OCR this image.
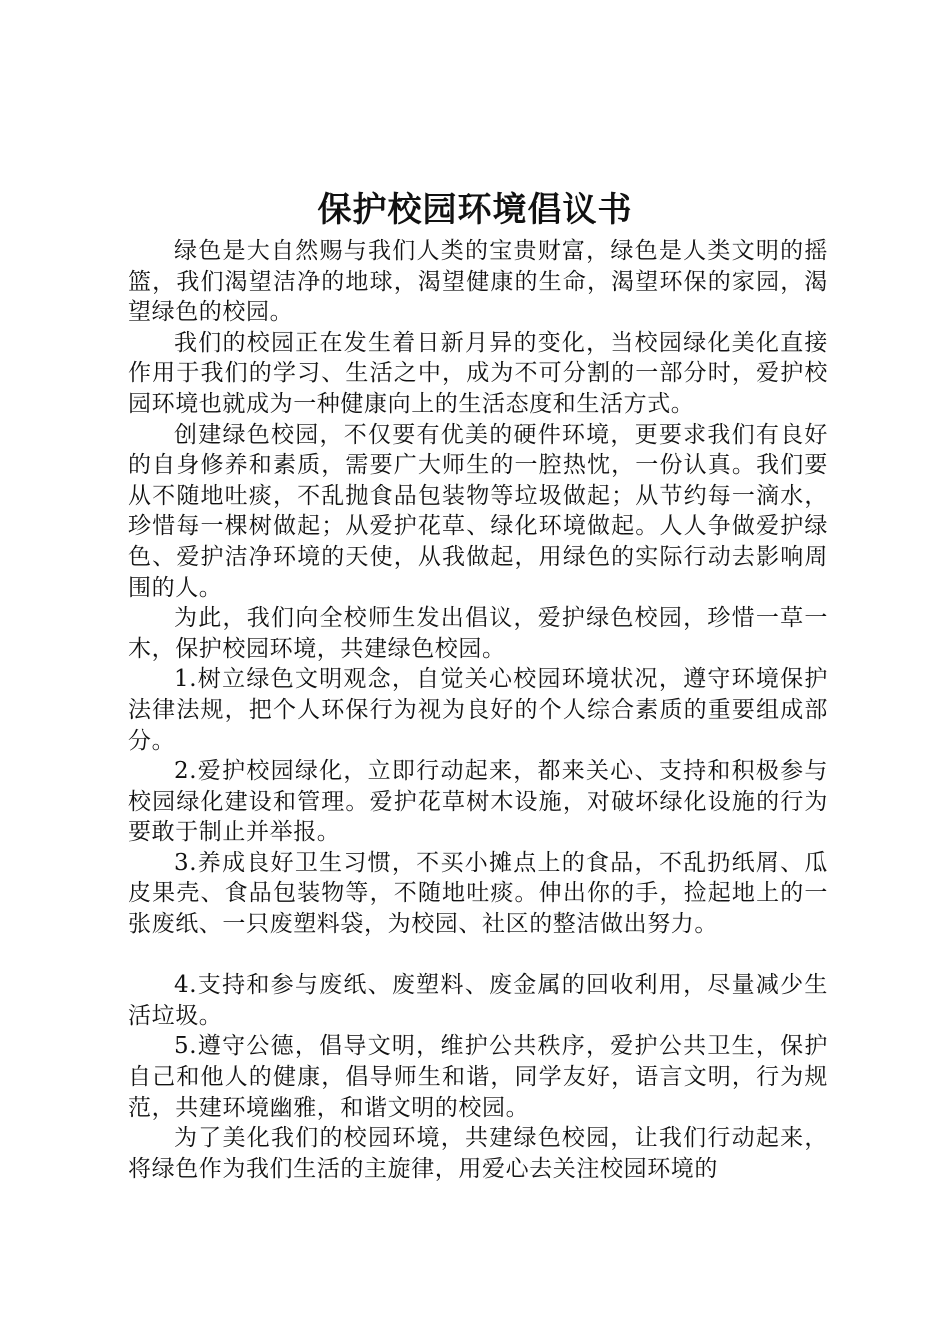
保护校园环境倡议书

绿色是大自然赐与我们人类的宝贵财富，绿色是人类文明的摇篮，我们渴望洁净的地球，渴望健康的生命，渴望环保的家园，渴望绿色的校园。

我们的校园正在发生着日新月异的变化，当校园绿化美化直接作用于我们的学习、生活之中，成为不可分割的一部分时，爱护校园环境也就成为一种健康向上的生活态度和生活方式。

创建绿色校园，不仅要有优美的硬件环境，更要求我们有良好的自身修养和素质，需要广大师生的一腔热忱，一份认真。我们要从不随地吐痰，不乱抛食品包装物等垃圾做起；从节约每一滴水，珍惜每一棵树做起；从爱护花草、绿化环境做起。人人争做爱护绿色、爱护洁净环境的天使，从我做起，用绿色的实际行动去影响周围的人。

为此，我们向全校师生发出倡议，爱护绿色校园，珍惜一草一木，保护校园环境，共建绿色校园。

1.树立绿色文明观念，自觉关心校园环境状况，遵守环境保护法律法规，把个人环保行为视为良好的个人综合素质的重要组成部分。

2.爱护校园绿化，立即行动起来，都来关心、支持和积极参与校园绿化建设和管理。爱护花草树木设施，对破坏绿化设施的行为要敢于制止并举报。

3.养成良好卫生习惯，不买小摊点上的食品，不乱扔纸屑、瓜皮果壳、食品包装物等，不随地吐痰。伸出你的手，捡起地上的一张废纸、一只废塑料袋，为校园、社区的整洁做出努力。

4.支持和参与废纸、废塑料、废金属的回收利用，尽量减少生活垃圾。

5.遵守公德，倡导文明，维护公共秩序，爱护公共卫生，保护自己和他人的健康，倡导师生和谐，同学友好，语言文明，行为规范，共建环境幽雅，和谐文明的校园。

为了美化我们的校园环境，共建绿色校园，让我们行动起来，将绿色作为我们生活的主旋律，用爱心去关注校园环境的
